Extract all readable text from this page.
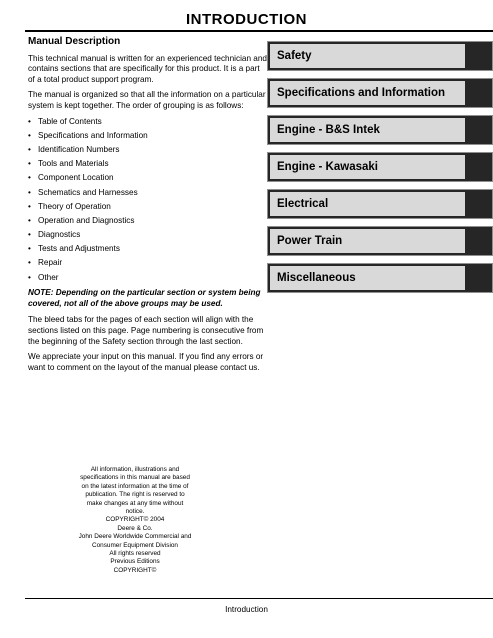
INTRODUCTION
Manual Description

This technical manual is written for an experienced technician and contains sections that are specifically for this product. It is a part of a total product support program.

The manual is organized so that all the information on a particular system is kept together. The order of grouping is as follows:

• Table of Contents
• Specifications and Information
• Identification Numbers
• Tools and Materials
• Component Location
• Schematics and Harnesses
• Theory of Operation
• Operation and Diagnostics
• Diagnostics
• Tests and Adjustments
• Repair
• Other

NOTE: Depending on the particular section or system being covered, not all of the above groups may be used.

The bleed tabs for the pages of each section will align with the sections listed on this page. Page numbering is consecutive from the beginning of the Safety section through the last section.

We appreciate your input on this manual. If you find any errors or want to comment on the layout of the manual please contact us.

Safety
Specifications and Information
Engine - B&S Intek
Engine - Kawasaki
Electrical
Power Train
Miscellaneous
All information, illustrations and
specifications in this manual are based
on the latest information at the time of
publication. The right is reserved to
make changes at any time without
notice.
COPYRIGHT© 2004
Deere & Co.
John Deere Worldwide Commercial and
Consumer Equipment Division
All rights reserved
Previous Editions
COPYRIGHT©
Introduction
